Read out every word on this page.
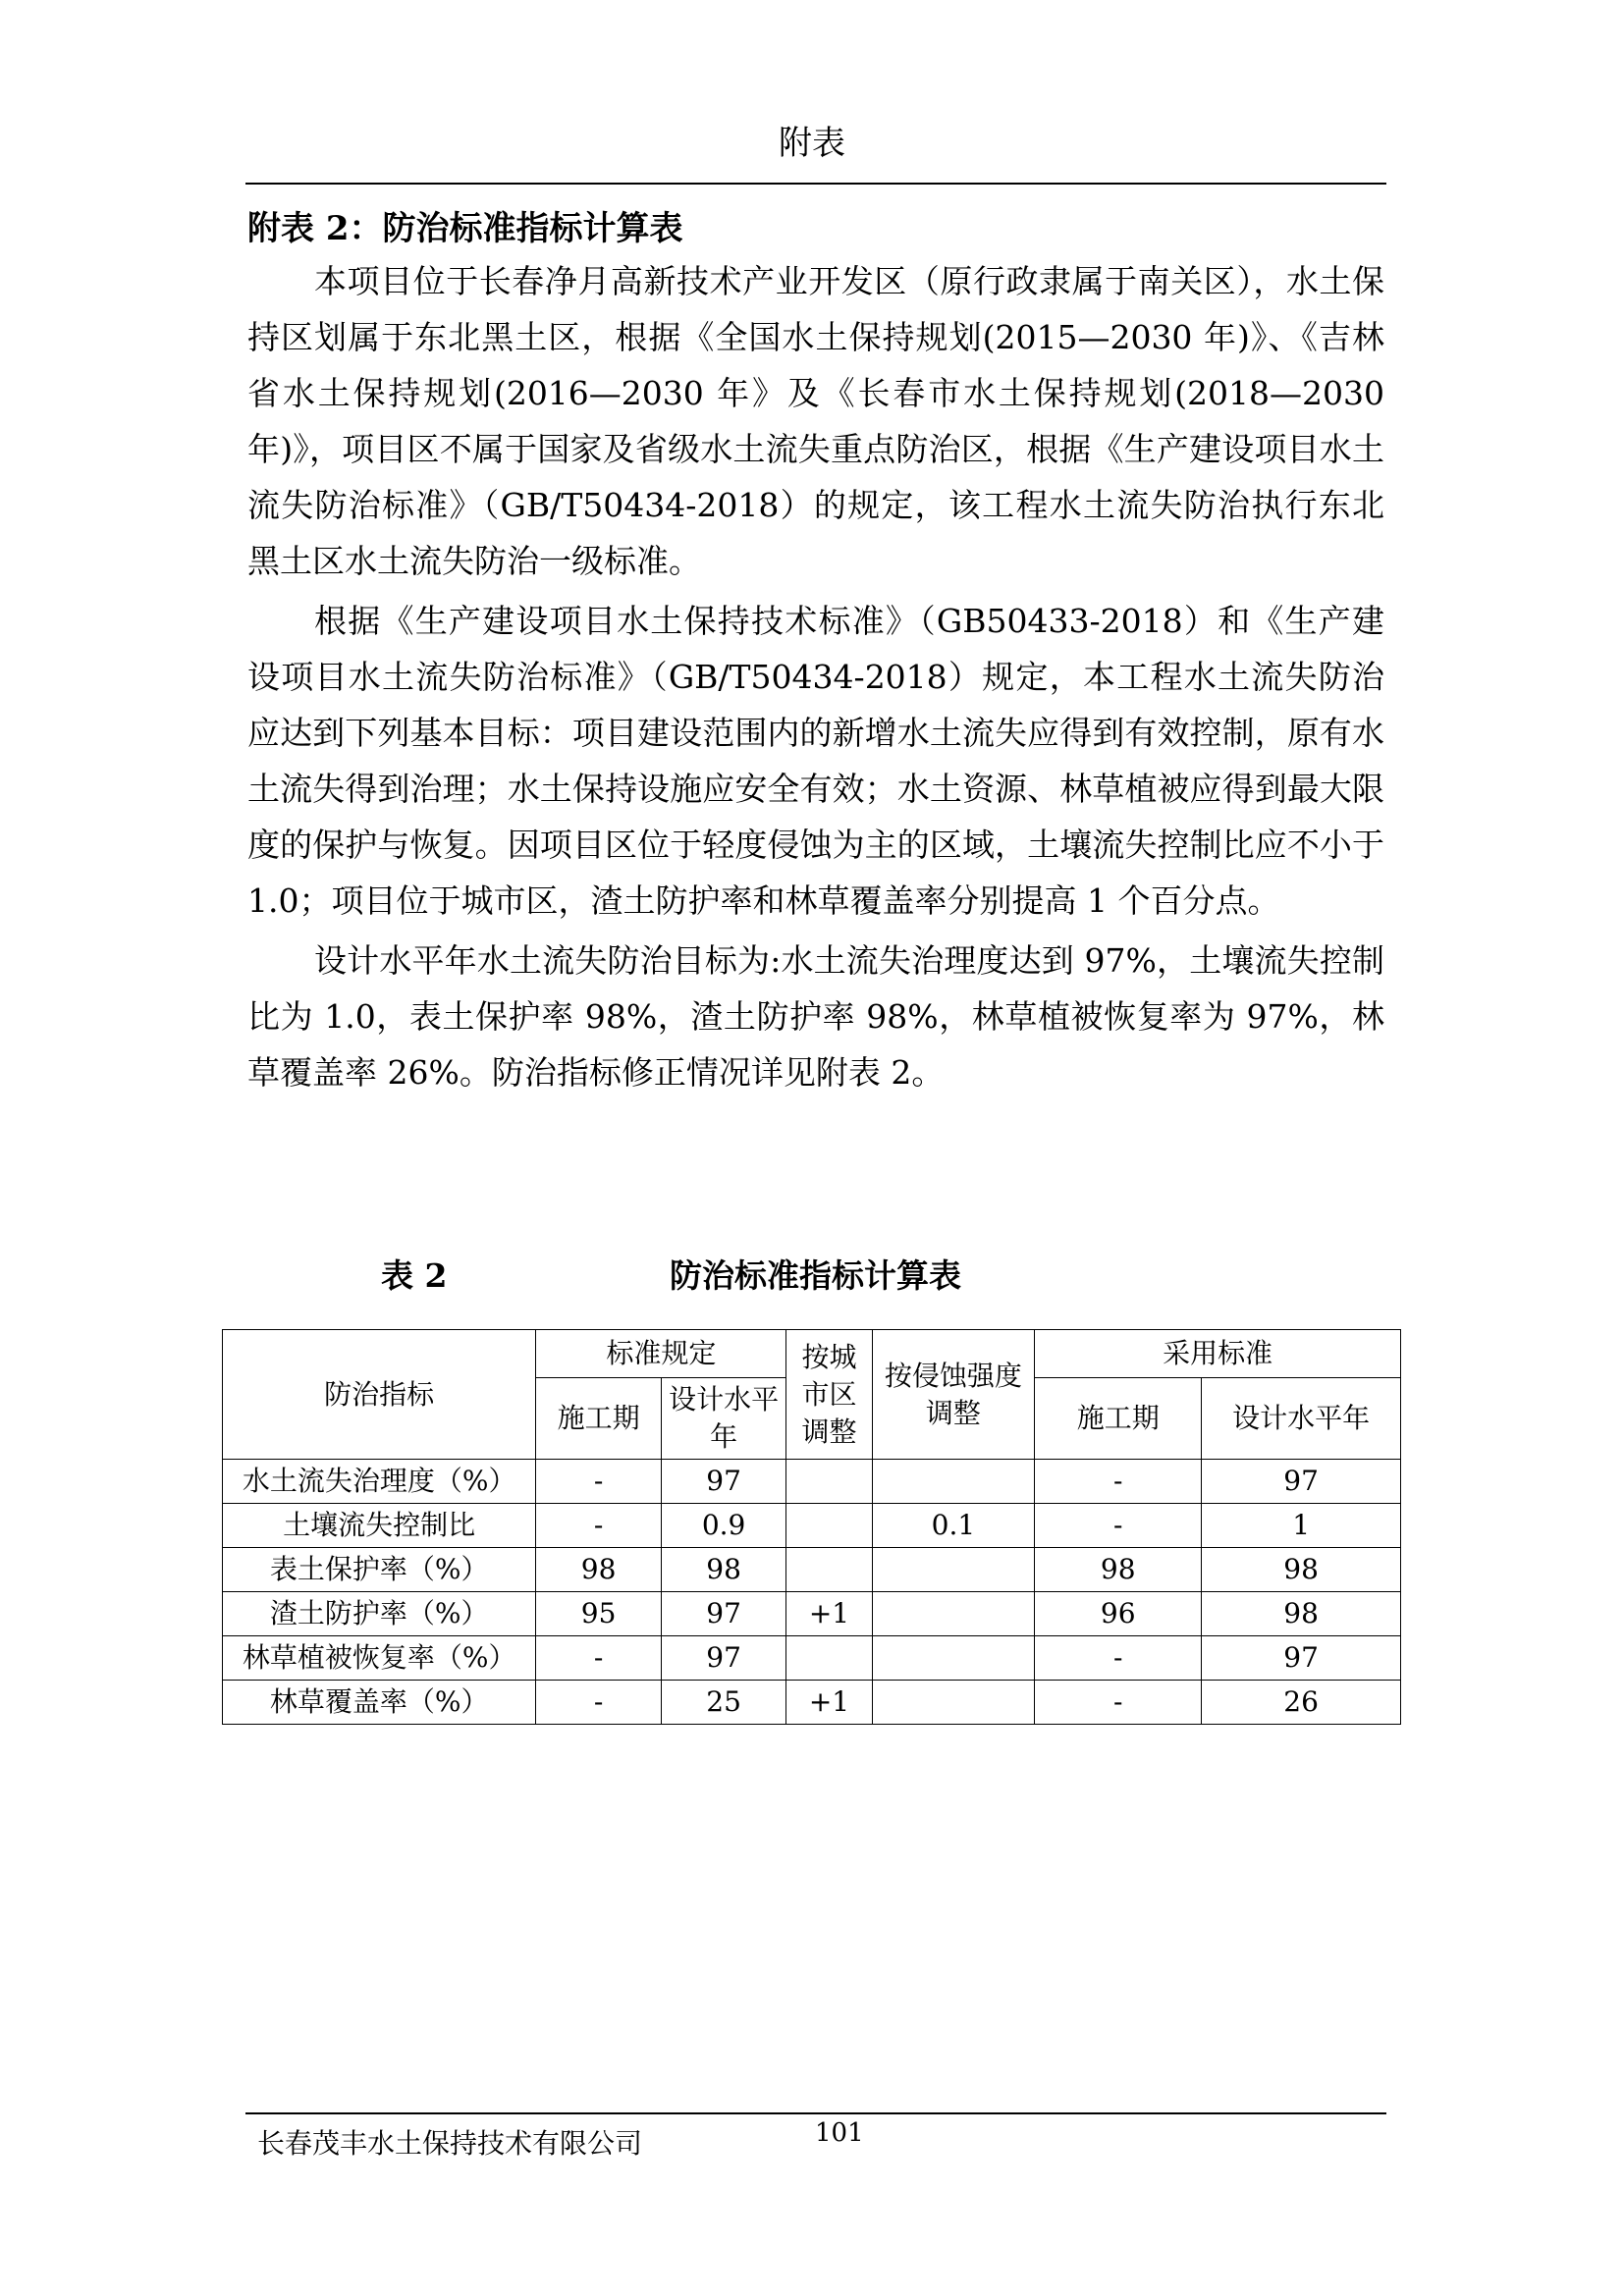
附表
附表 2：防治标准指标计算表

本项目位于长春净月高新技术产业开发区（原行政隶属于南关区），水土保持区划属于东北黑土区，根据《全国水土保持规划(2015—2030 年)》、《吉林省水土保持规划(2016—2030 年》及《长春市水土保持规划(2018—2030 年)》，项目区不属于国家及省级水土流失重点防治区，根据《生产建设项目水土流失防治标准》（GB/T50434-2018）的规定，该工程水土流失防治执行东北黑土区水土流失防治一级标准。

根据《生产建设项目水土保持技术标准》（GB50433-2018）和《生产建设项目水土流失防治标准》（GB/T50434-2018）规定，本工程水土流失防治应达到下列基本目标：项目建设范围内的新增水土流失应得到有效控制，原有水土流失得到治理；水土保持设施应安全有效；水土资源、林草植被应得到最大限度的保护与恢复。因项目区位于轻度侵蚀为主的区域，土壤流失控制比应不小于 1.0；项目位于城市区，渣土防护率和林草覆盖率分别提高 1 个百分点。

设计水平年水土流失防治目标为:水土流失治理度达到 97%，土壤流失控制比为 1.0，表土保护率 98%，渣土防护率 98%，林草植被恢复率为 97%，林草覆盖率 26%。防治指标修正情况详见附表 2。

表 2	防治标准指标计算表
防治指标	标准规定		按城市区调整	按侵蚀强度调整	采用标准	
	施工期	设计水平年			施工期	设计水平年
水土流失治理度（%）	-	97			-	97
土壤流失控制比	-	0.9		0.1	-	1
表土保护率（%）	98	98			98	98
渣土防护率（%）	95	97	+1		96	98
林草植被恢复率（%）	-	97			-	97
林草覆盖率（%）	-	25	+1		-	26
长春茂丰水土保持技术有限公司	101
